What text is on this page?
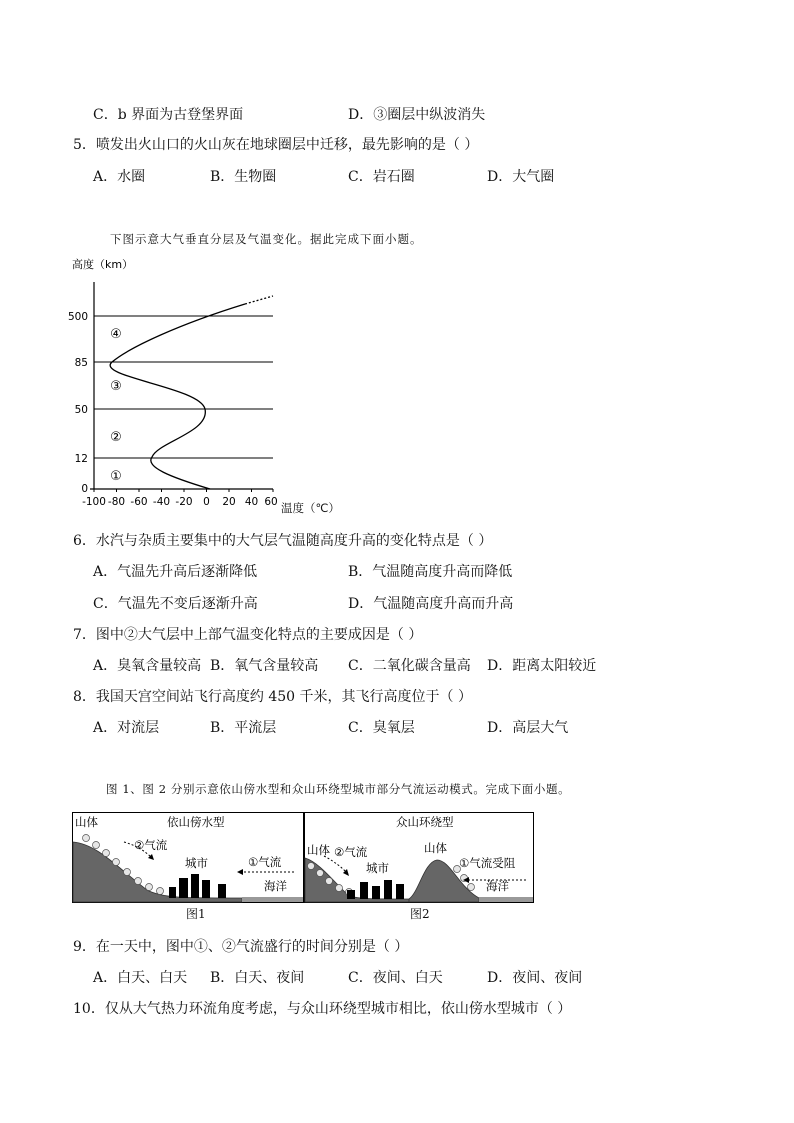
C．b 界面为古登堡界面	D．③圈层中纵波消失
5．喷发出火山口的火山灰在地球圈层中迁移，最先影响的是（ ）
A．水圈	B．生物圈	C．岩石圈	D．大气圈
下图示意大气垂直分层及气温变化。据此完成下面小题。
高度（km）
500
85
50
12
0
-100 -80 -60 -40 -20 0 20 40 60
④
③
②
①
温度（℃）
6．水汽与杂质主要集中的大气层气温随高度升高的变化特点是（ ）
A．气温先升高后逐渐降低	B．气温随高度升高而降低
C．气温先不变后逐渐升高	D．气温随高度升高而升高
7．图中②大气层中上部气温变化特点的主要成因是（ ）
A．臭氧含量较高 B．氧气含量较高 C．二氧化碳含量高 D．距离太阳较近
8．我国天宫空间站飞行高度约 450 千米，其飞行高度位于（ ）
A．对流层	B．平流层	C．臭氧层	D．高层大气
图 1、图 2 分别示意依山傍水型和众山环绕型城市部分气流运动模式。完成下面小题。
山体	依山傍水型
②气流
城市	①气流
海洋
图1
众山环绕型
山体 ②气流
城市
山体
①气流受阻
海洋
图2
9．在一天中，图中①、②气流盛行的时间分别是（ ）
A．白天、白天 B．白天、夜间	C．夜间、白天	D．夜间、夜间
10．仅从大气热力环流角度考虑，与众山环绕型城市相比，依山傍水型城市（ ）
